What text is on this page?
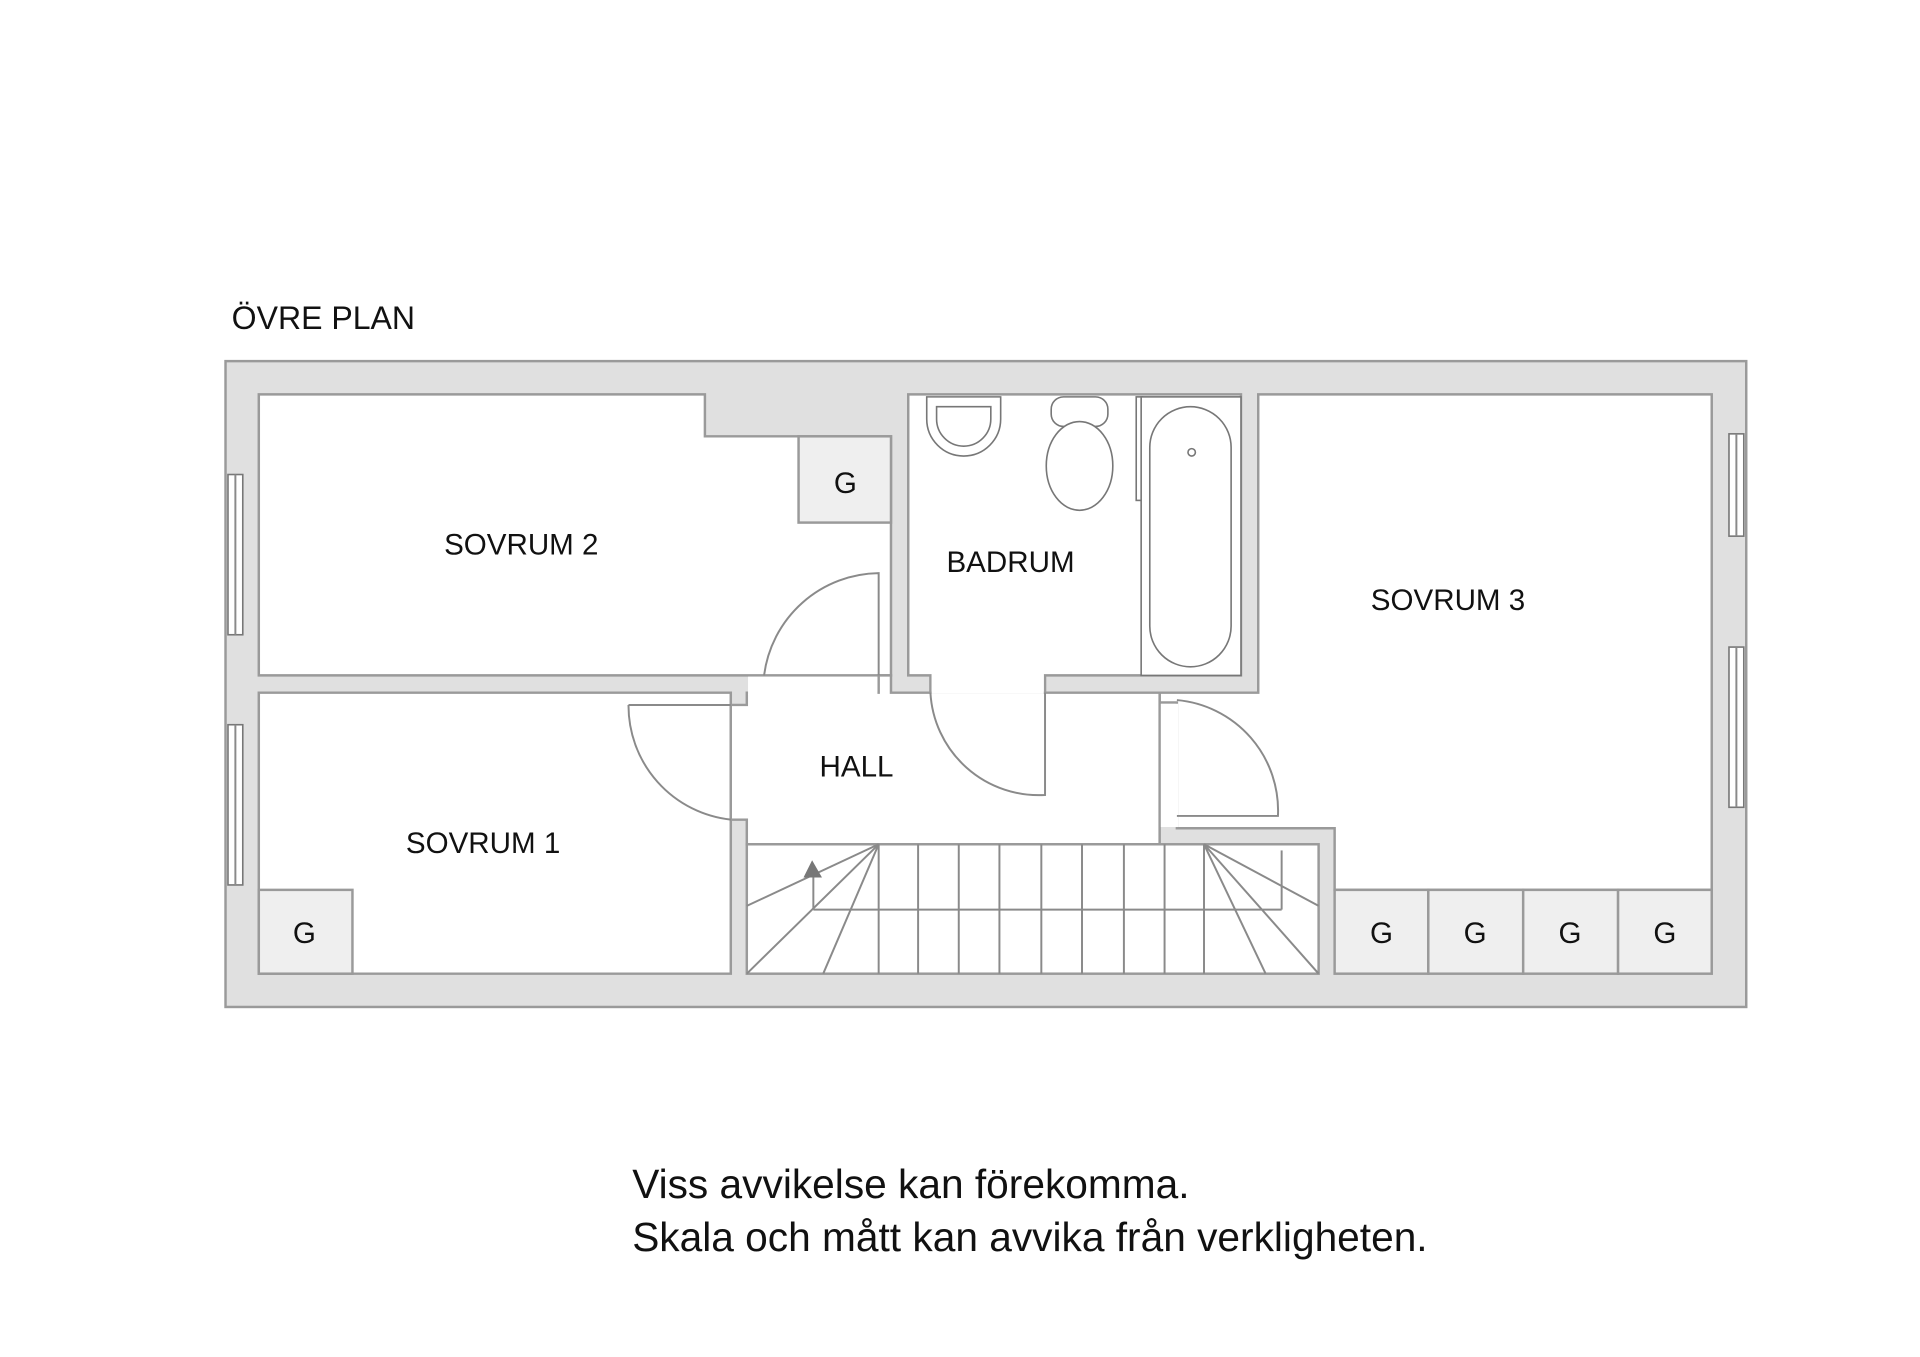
ÖVRE PLAN
SOVRUM 2
SOVRUM 1
SOVRUM 3
BADRUM
HALL
G
G	G	G	G	G
Viss avvikelse kan förekomma.
Skala och mått kan avvika från verkligheten.
